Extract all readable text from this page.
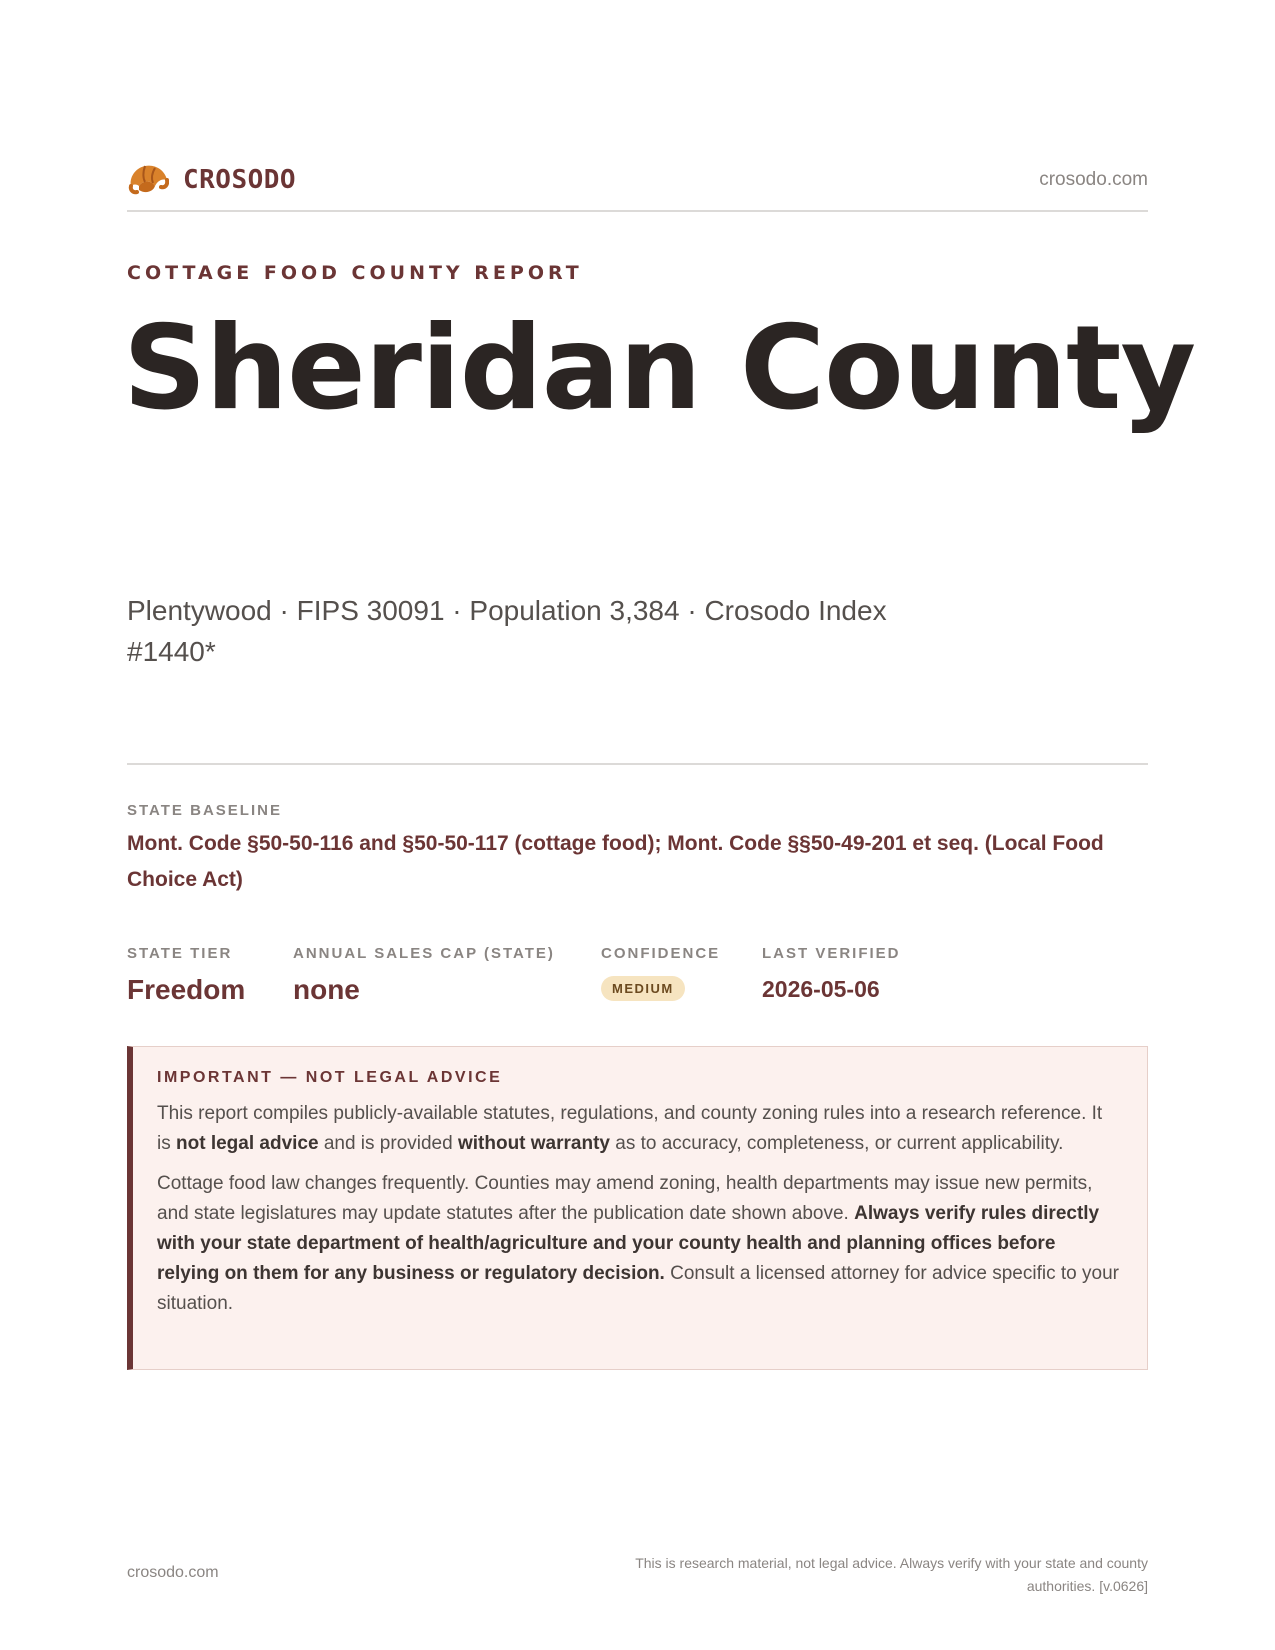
CROSODO	crosodo.com
COTTAGE FOOD COUNTY REPORT
Sheridan County
Plentywood · FIPS 30091 · Population 3,384 · Crosodo Index #1440*
STATE BASELINE
Mont. Code §50-50-116 and §50-50-117 (cottage food); Mont. Code §§50-49-201 et seq. (Local Food Choice Act)
STATE TIER
Freedom
ANNUAL SALES CAP (STATE)
none
CONFIDENCE
MEDIUM
LAST VERIFIED
2026-05-06
IMPORTANT — NOT LEGAL ADVICE

This report compiles publicly-available statutes, regulations, and county zoning rules into a research reference. It is not legal advice and is provided without warranty as to accuracy, completeness, or current applicability.

Cottage food law changes frequently. Counties may amend zoning, health departments may issue new permits, and state legislatures may update statutes after the publication date shown above. Always verify rules directly with your state department of health/agriculture and your county health and planning offices before relying on them for any business or regulatory decision. Consult a licensed attorney for advice specific to your situation.

crosodo.com
This is research material, not legal advice. Always verify with your state and county authorities. [v.0626]
